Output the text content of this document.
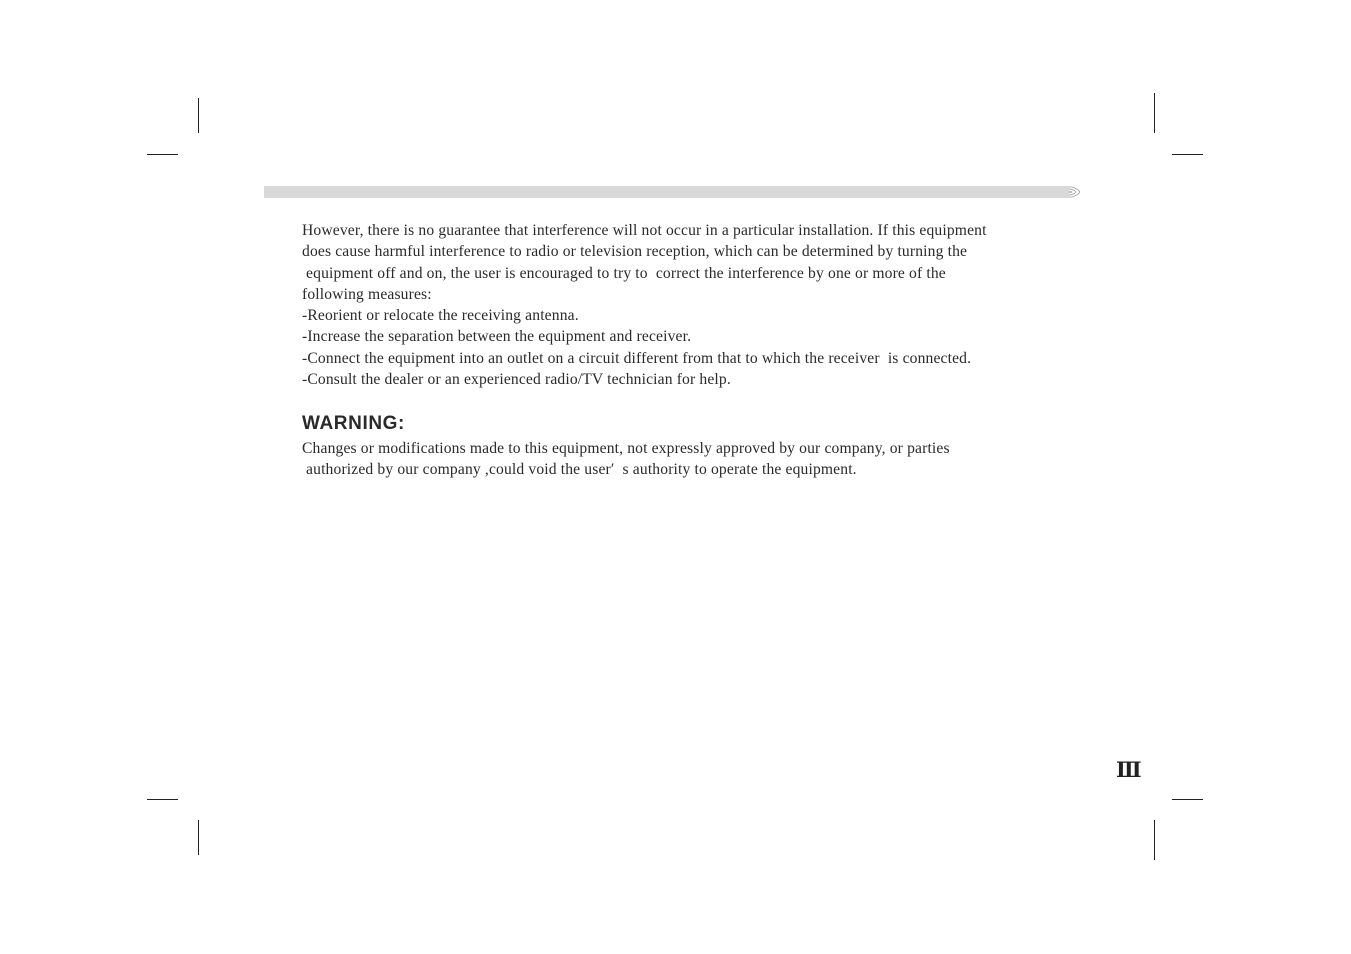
However, there is no guarantee that interference will not occur in a particular installation. If this equipment

does cause harmful interference to radio or television reception, which can be determined by turning the

equipment off and on, the user is encouraged to try to  correct the interference by one or more of the

following measures:

-Reorient or relocate the receiving antenna.

-Increase the separation between the equipment and receiver.

-Connect the equipment into an outlet on a circuit different from that to which the receiver  is connected.

-Consult the dealer or an experienced radio/TV technician for help.

WARNING:

Changes or modifications made to this equipment, not expressly approved by our company, or parties

authorized by our company ,could void the user′  s authority to operate the equipment.

Ⅲ
